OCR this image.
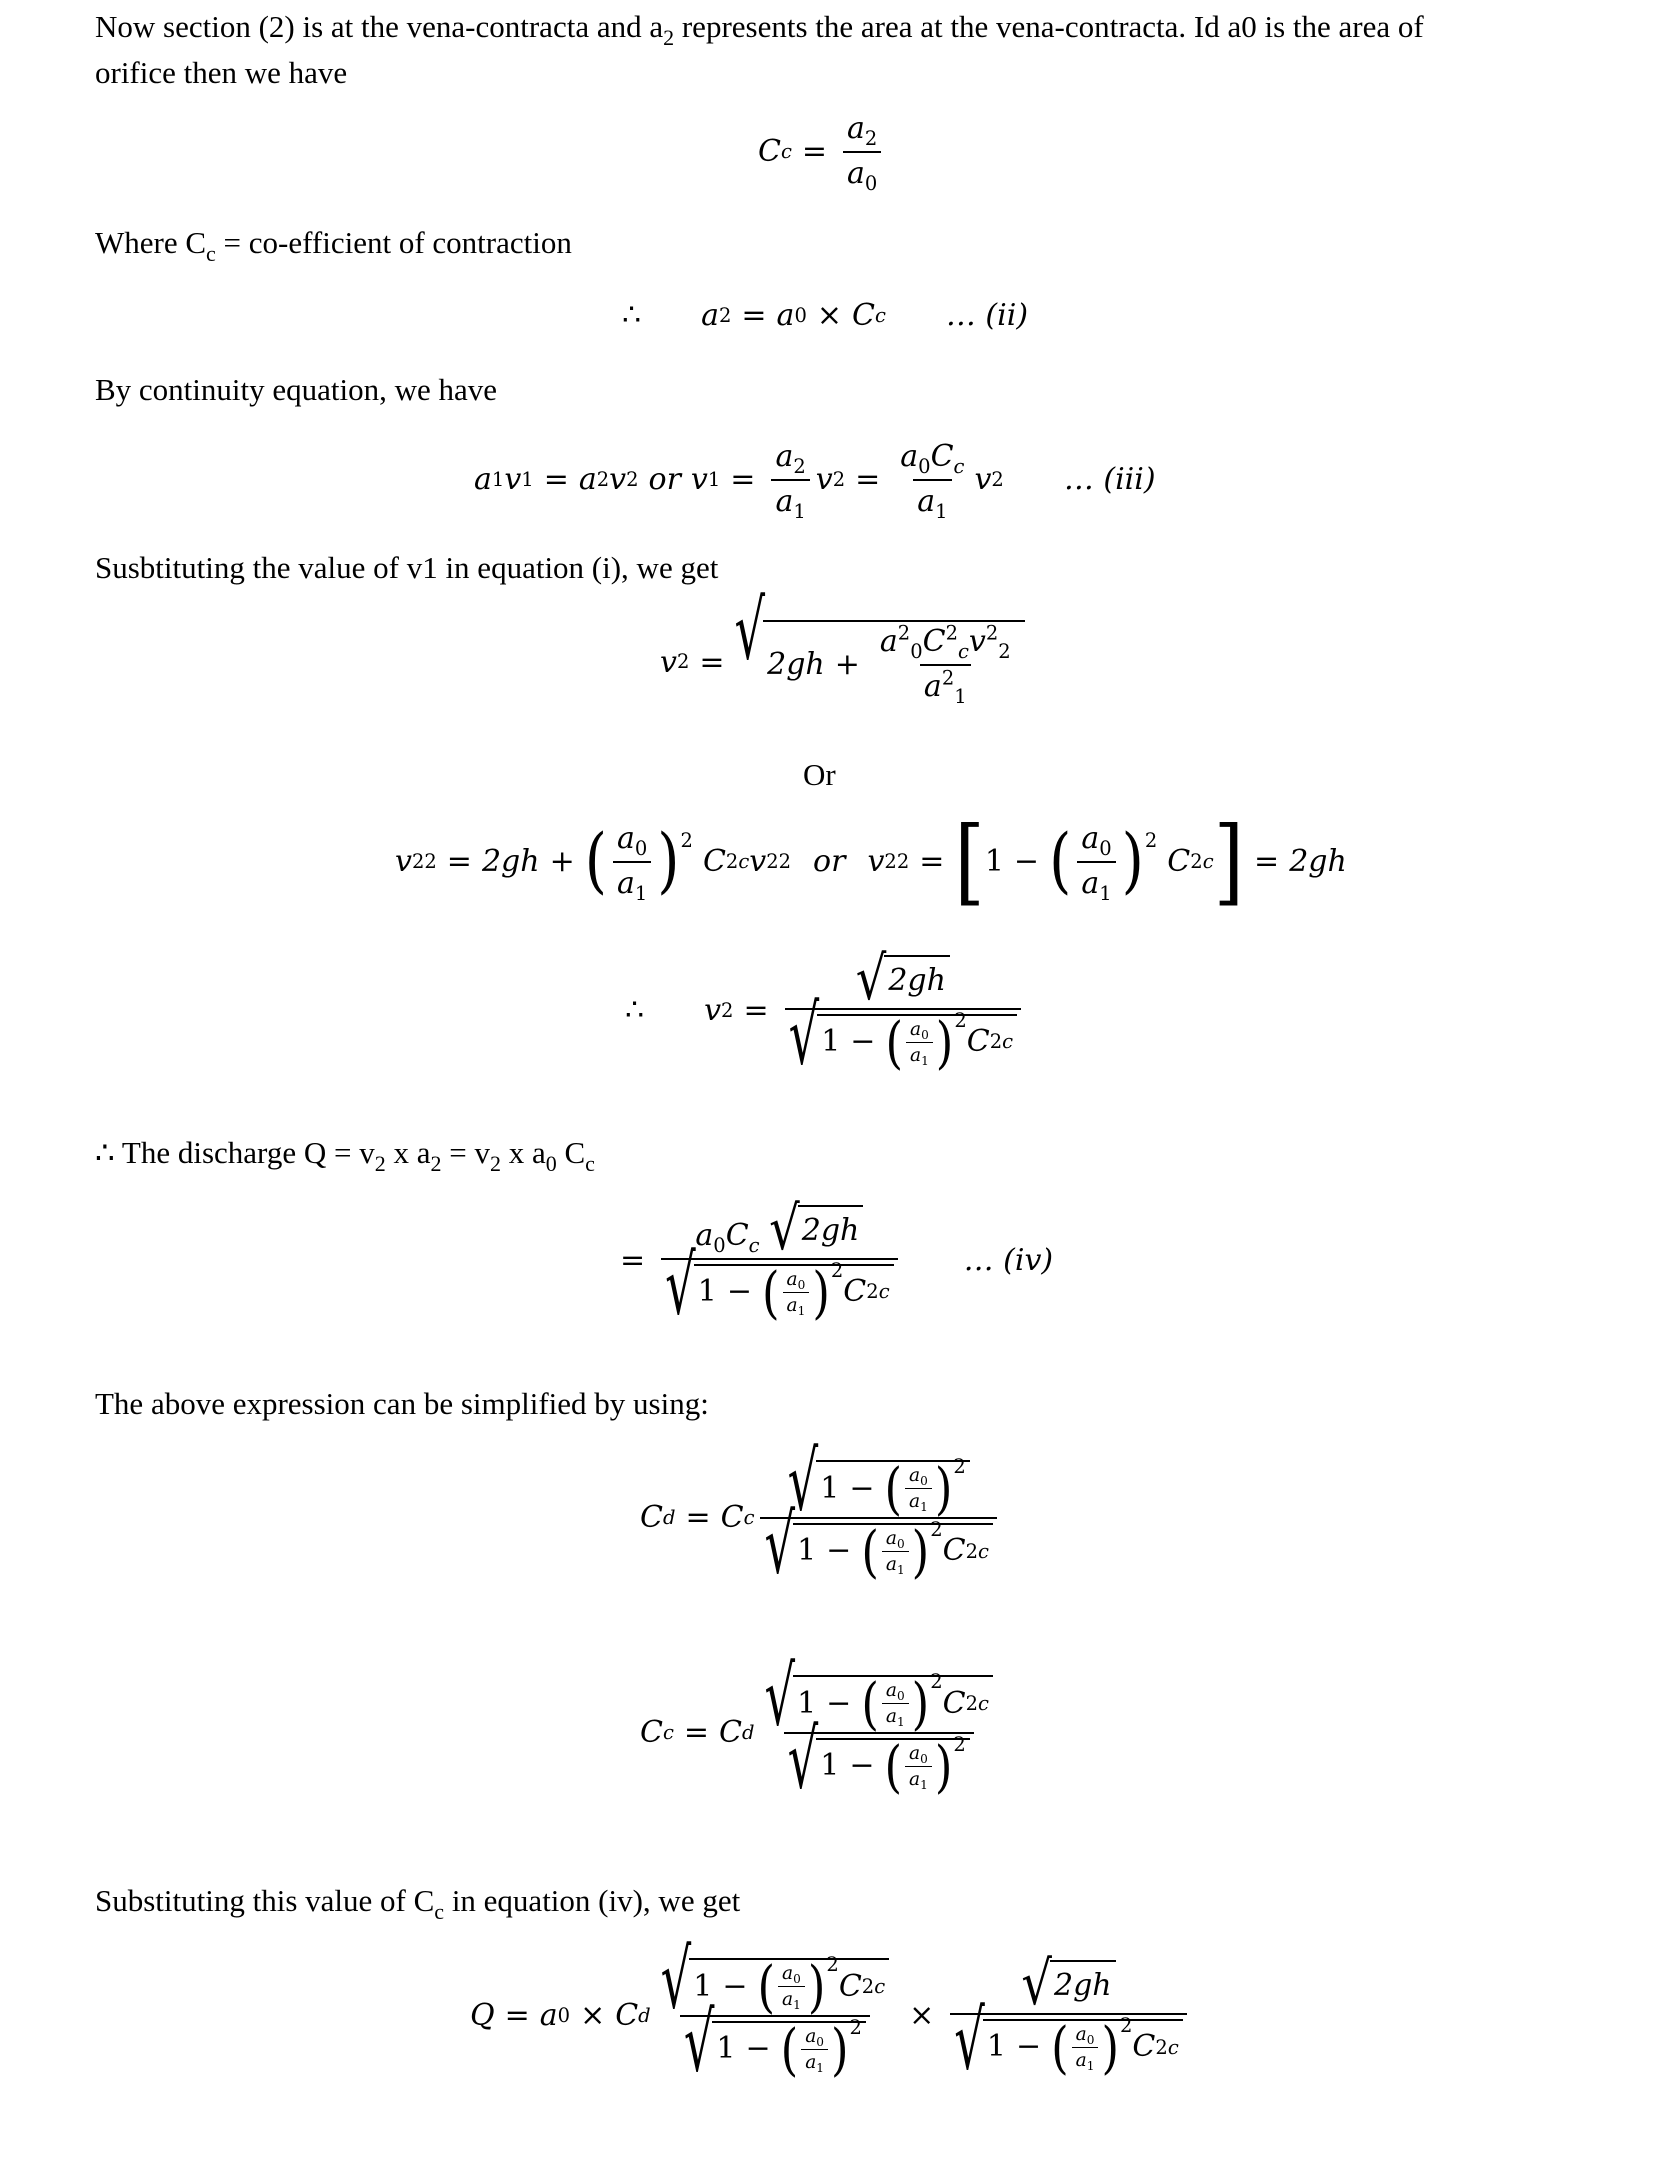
Now section (2) is at the vena-contracta and $a_2$ represents the area at the vena-contracta. Id a0 is the area of
orifice then we have
C $c = \frac{a_2}{a_0}$
Where $C_c$ = co-efficient of contraction
∴ a 2 = a 0 × C c … (ii)
By continuity equation, we have
a 1 v 1 = a 2 v 2 or v $1 = \frac{a_2}{a_1}$ v $2 = \frac{a_0C_c}{a_1}$ v 2 … (iii)
Susbtituting the value of v1 in equation (i), we get
v 2 = √ $2gh + \frac{a^2_0C^2_cv^2_2}{a^2_1}$
Or
v 2 2 = 2gh + ( $\frac{a_0}{a_1}$ ) 2
C 2 c v 2 2 or v 2 2 = [ 1 − ( $\frac{a_0}{a_1}$ ) 2
C 2 c ] = 2gh
∴ v 2 = √ 2gh
√ 1 − ( $\frac{a_0}{a_1}$ ) 2
C 2 c
∴ The discharge $Q = v_2$ x $a_2 = v_2$ x $a_0$ $C_c$
=
$a_0C_c$ √ 2gh
√ 1 − ( $\frac{a_0}{a_1}$ ) 2
C 2 c
… (iv)
The above expression can be simplified by using:
C d = C c √ 1 − ( $\frac{a_0}{a_1}$ ) 2
√ 1 − ( $\frac{a_0}{a_1}$ ) 2
C 2 c
C c = C d √ 1 − ( $\frac{a_0}{a_1}$ ) 2
C 2 c
√ 1 − ( $\frac{a_0}{a_1}$ ) 2
Substituting this value of $C_c$ in equation (iv), we get
Q = a 0 × C d √ 1 − ( $\frac{a_0}{a_1}$ ) 2
C 2 c
√ 1 − ( $\frac{a_0}{a_1}$ ) 2 × √ 2gh
√ 1 − ( $\frac{a_0}{a_1}$ ) 2
C 2 c
